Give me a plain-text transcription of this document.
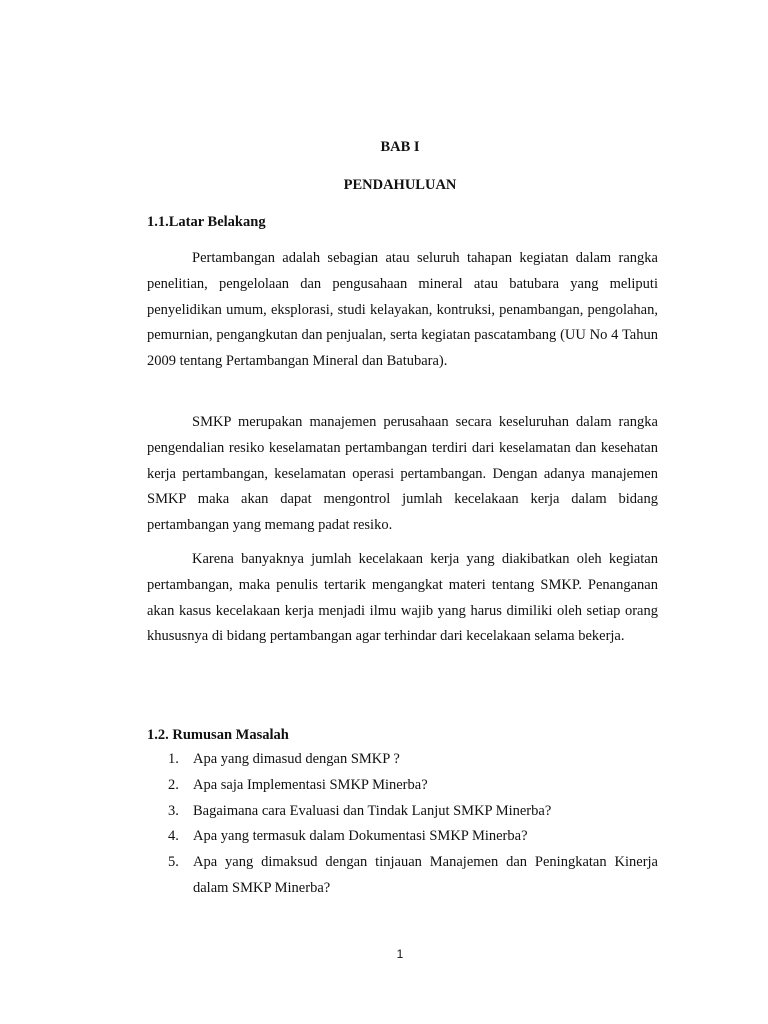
BAB I
PENDAHULUAN
1.1.Latar Belakang

Pertambangan adalah sebagian atau seluruh tahapan kegiatan dalam rangka penelitian, pengelolaan dan pengusahaan mineral atau batubara yang meliputi penyelidikan umum, eksplorasi, studi kelayakan, kontruksi, penambangan, pengolahan, pemurnian, pengangkutan dan penjualan, serta kegiatan pascatambang (UU No 4 Tahun 2009 tentang Pertambangan Mineral dan Batubara).

SMKP merupakan manajemen perusahaan secara keseluruhan dalam rangka pengendalian resiko keselamatan pertambangan terdiri dari keselamatan dan kesehatan kerja pertambangan, keselamatan operasi pertambangan. Dengan adanya manajemen SMKP maka akan dapat mengontrol jumlah kecelakaan kerja dalam bidang pertambangan yang memang padat resiko.

Karena banyaknya jumlah kecelakaan kerja yang diakibatkan oleh kegiatan pertambangan, maka penulis tertarik mengangkat materi tentang SMKP. Penanganan akan kasus kecelakaan kerja menjadi ilmu wajib yang harus dimiliki oleh setiap orang khususnya di bidang pertambangan agar terhindar dari kecelakaan selama bekerja.

1.2. Rumusan Masalah
1. Apa yang dimasud dengan SMKP ?
2. Apa saja Implementasi SMKP Minerba?
3. Bagaimana cara Evaluasi dan Tindak Lanjut SMKP Minerba?
4. Apa yang termasuk dalam Dokumentasi SMKP Minerba?
5. Apa yang dimaksud dengan tinjauan Manajemen dan Peningkatan Kinerja dalam SMKP Minerba?
1
